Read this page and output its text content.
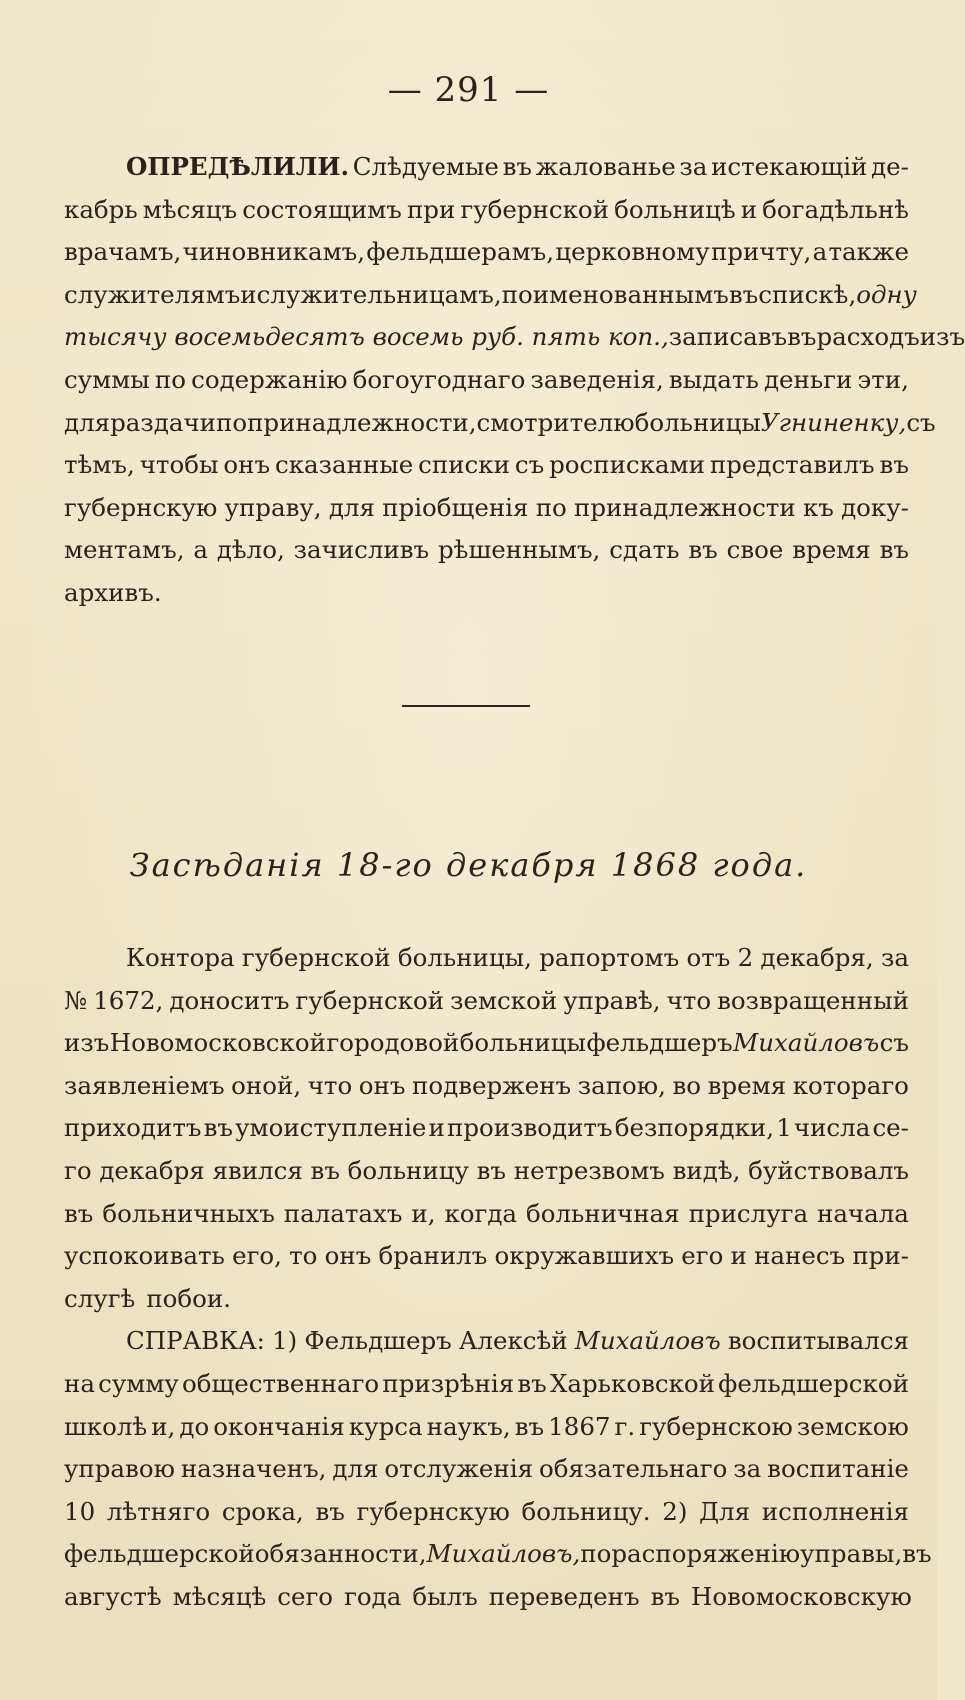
— 291 —
ОПРЕДѢЛИЛИ. Слѣдуемые въ жалованье за истекающій де-
кабрь мѣсяцъ состоящимъ при губернской больницѣ и богадѣльнѣ
врачамъ, чиновникамъ, фельдшерамъ, церковному причту, а также
служителямъ и служительницамъ, поименованнымъ въ спискѣ, одну
тысячу восемьдесятъ восемь руб. пять коп., записавъ въ расходъ изъ
суммы по содержанію богоугоднаго заведенія, выдать деньги эти,
для раздачи по принадлежности, смотрителю больницы Угниненку, съ
тѣмъ, чтобы онъ сказанные списки съ росписками представилъ въ
губернскую управу, для пріобщенія по принадлежности къ доку-
ментамъ, а дѣло, зачисливъ рѣшеннымъ, сдать въ свое время въ
архивъ.
Засѣданія 18-го декабря 1868 года.
Контора губернской больницы, рапортомъ отъ 2 декабря, за
№ 1672, доноситъ губернской земской управѣ, что возвращенный
изъ Новомосковской городовой больницы фельдшеръ Михайловъ съ
заявленіемъ оной, что онъ подверженъ запою, во время котораго
приходитъ въ умоиступленіе и производитъ безпорядки, 1 числа се-
го декабря явился въ больницу въ нетрезвомъ видѣ, буйствовалъ
въ больничныхъ палатахъ и, когда больничная прислуга начала
успокоивать его, то онъ бранилъ окружавшихъ его и нанесъ при-
слугѣ побои.
СПРАВКА: 1) Фельдшеръ Алексѣй Михайловъ воспитывался
на сумму общественнаго призрѣнія въ Харьковской фельдшерской
школѣ и, до окончанія курса наукъ, въ 1867 г. губернскою земскою
управою назначенъ, для отслуженія обязательнаго за воспитаніе
10 лѣтняго срока, въ губернскую больницу. 2) Для исполненія
фельдшерской обязанности, Михайловъ, по распоряженію управы, въ
августѣ мѣсяцѣ сего года былъ переведенъ въ Новомосковскую
